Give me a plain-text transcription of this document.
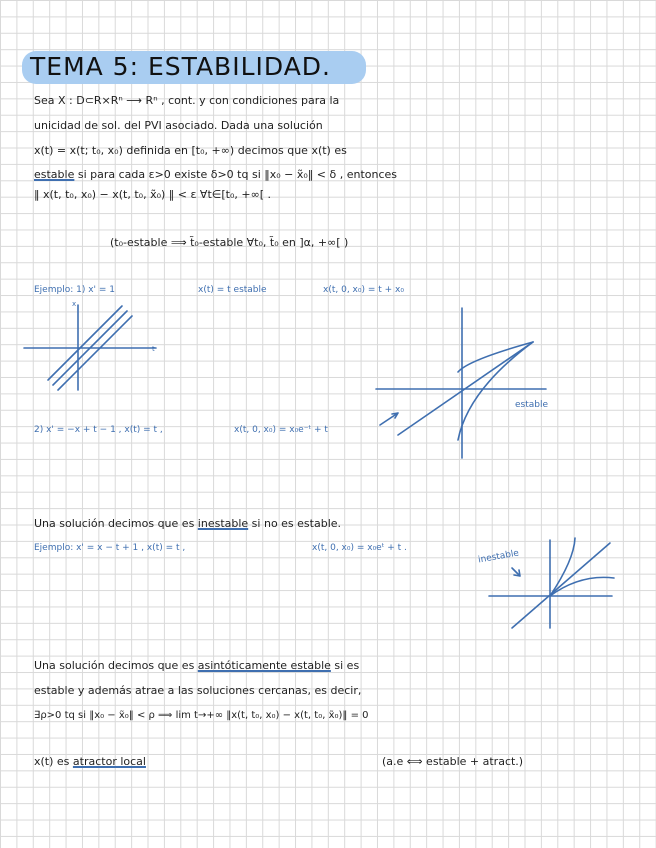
TEMA 5: ESTABILIDAD.
Sea X : D⊂R×Rⁿ ⟶ Rⁿ , cont. y con condiciones para la
unicidad de sol. del PVI asociado. Dada una solución
x(t) = x(t; t₀, x₀) definida en [t₀, +∞) decimos que x(t) es
estable si para cada ε>0 existe δ>0 tq si ‖x₀ − x̃₀‖ < δ , entonces
‖ x(t, t₀, x₀) − x(t, t₀, x̃₀) ‖ < ε ∀t∈[t₀, +∞[ .
(t₀-estable ⟹ t̃₀-estable ∀t₀, t̃₀ en ]α, +∞[ )
Ejemplo: 1) x' = 1	x(t) = t estable	x(t, 0, x₀) = t + x₀
2) x' = −x + t − 1 , x(t) = t ,	x(t, 0, x₀) = x₀e⁻ᵗ + t
estable
t
x
Una solución decimos que es inestable si no es estable.
Ejemplo: x' = x − t + 1 , x(t) = t ,	x(t, 0, x₀) = x₀eᵗ + t .
inestable
Una solución decimos que es asintóticamente estable si es
estable y además atrae a las soluciones cercanas, es decir,
∃ρ>0 tq si ‖x₀ − x̃₀‖ < ρ ⟹ lim t→+∞ ‖x(t, t₀, x₀) − x(t, t₀, x̃₀)‖ = 0
x(t) es atractor local	(a.e ⟺ estable + atract.)
